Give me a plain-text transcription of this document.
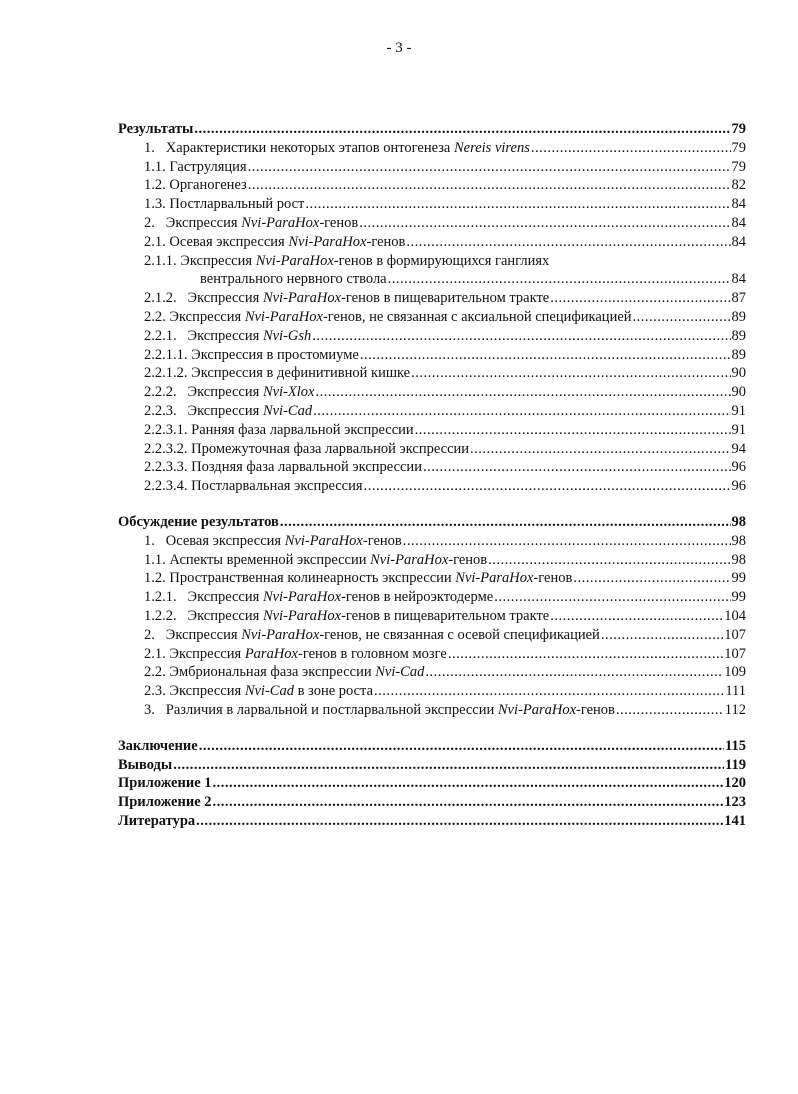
- 3 -
Результаты .....	79
1. Характеристики некоторых этапов онтогенеза Nereis virens .....	79
1.1. Гаструляция .....	79
1.2. Органогенез .....	82
1.3. Постларвальный рост .....	84
2. Экспрессия Nvi-ParaHox-генов .....	84
2.1. Осевая экспрессия Nvi-ParaHox-генов .....	84
2.1.1. Экспрессия Nvi-ParaHox-генов в формирующихся ганглиях
вентрального нервного ствола .....	84
2.1.2. Экспрессия Nvi-ParaHox-генов в пищеварительном тракте .....	87
2.2. Экспрессия Nvi-ParaHox-генов, не связанная с аксиальной спецификацией .....	89
2.2.1. Экспрессия Nvi-Gsh .....	89
2.2.1.1. Экспрессия в простомиуме .....	89
2.2.1.2. Экспрессия в дефинитивной кишке .....	90
2.2.2. Экспрессия Nvi-Xlox .....	90
2.2.3. Экспрессия Nvi-Cad .....	91
2.2.3.1. Ранняя фаза ларвальной экспрессии .....	91
2.2.3.2. Промежуточная фаза ларвальной экспрессии .....	94
2.2.3.3. Поздняя фаза ларвальной экспрессии .....	96
2.2.3.4. Постларвальная экспрессия .....	96
Обсуждение результатов .....	98
1. Осевая экспрессия Nvi-ParaHox-генов .....	98
1.1. Аспекты временной экспрессии Nvi-ParaHox-генов .....	98
1.2. Пространственная колинеарность экспрессии Nvi-ParaHox-генов .....	99
1.2.1. Экспрессия Nvi-ParaHox-генов в нейроэктодерме .....	99
1.2.2. Экспрессия Nvi-ParaHox-генов в пищеварительном тракте .....	104
2. Экспрессия Nvi-ParaHox-генов, не связанная с осевой спецификацией .....	107
2.1. Экспрессия ParaHox-генов в головном мозге .....	107
2.2. Эмбриональная фаза экспрессии Nvi-Cad .....	109
2.3. Экспрессия Nvi-Cad в зоне роста .....	111
3. Различия в ларвальной и постларвальной экспрессии Nvi-ParaHox-генов .....	112
Заключение .....	115
Выводы .....	119
Приложение 1 .....	120
Приложение 2 .....	123
Литература .....	141
